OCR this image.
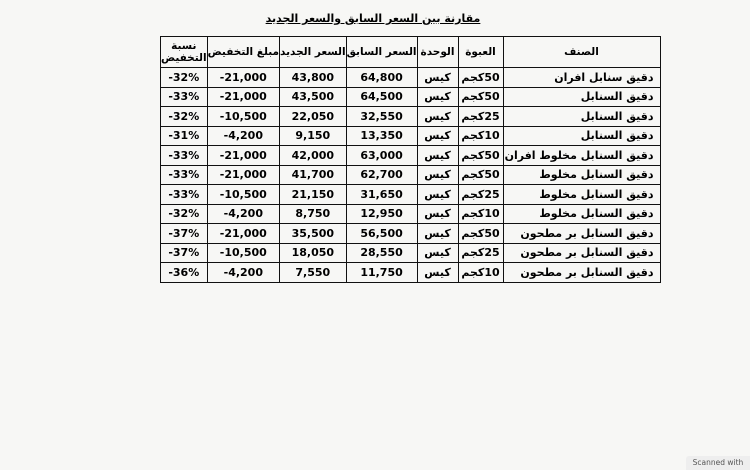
مقارنة بين السعر السابق والسعر الجديد
الصنف	العبوة	الوحدة	السعر السابق	السعر الجديد	مبلغ التخفيض	نسبة
التخفيض
دقيق سنابل افران	50كجم	كيس	64,800	43,800	-21,000	-32%
دقيق السنابل	50كجم	كيس	64,500	43,500	-21,000	-33%
دقيق السنابل	25كجم	كيس	32,550	22,050	-10,500	-32%
دقيق السنابل	10كجم	كيس	13,350	9,150	-4,200	-31%
دقيق السنابل مخلوط افران	50كجم	كيس	63,000	42,000	-21,000	-33%
دقيق السنابل مخلوط	50كجم	كيس	62,700	41,700	-21,000	-33%
دقيق السنابل مخلوط	25كجم	كيس	31,650	21,150	-10,500	-33%
دقيق السنابل مخلوط	10كجم	كيس	12,950	8,750	-4,200	-32%
دقيق السنابل بر مطحون	50كجم	كيس	56,500	35,500	-21,000	-37%
دقيق السنابل بر مطحون	25كجم	كيس	28,550	18,050	-10,500	-37%
دقيق السنابل بر مطحون	10كجم	كيس	11,750	7,550	-4,200	-36%
Scanned with
